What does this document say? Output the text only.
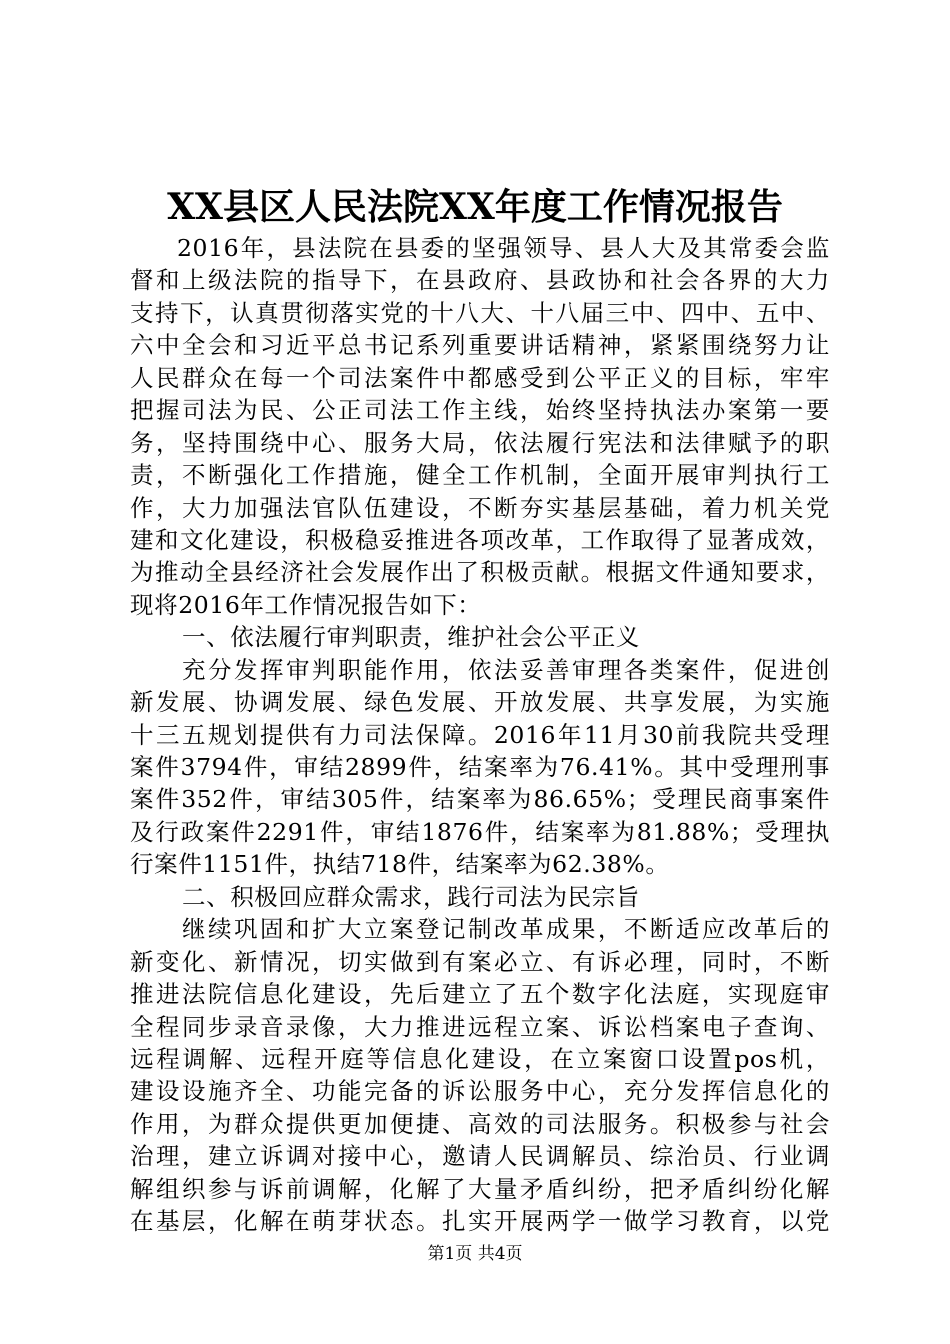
XX县区人民法院XX年度工作情况报告
2016年，县法院在县委的坚强领导、县人大及其常委会监
督和上级法院的指导下，在县政府、县政协和社会各界的大力
支持下，认真贯彻落实党的十八大、十八届三中、四中、五中、
六中全会和习近平总书记系列重要讲话精神，紧紧围绕努力让
人民群众在每一个司法案件中都感受到公平正义的目标，牢牢
把握司法为民、公正司法工作主线，始终坚持执法办案第一要
务，坚持围绕中心、服务大局，依法履行宪法和法律赋予的职
责，不断强化工作措施，健全工作机制，全面开展审判执行工
作，大力加强法官队伍建设，不断夯实基层基础，着力机关党
建和文化建设，积极稳妥推进各项改革，工作取得了显著成效，
为推动全县经济社会发展作出了积极贡献。根据文件通知要求，
现将2016年工作情况报告如下：
一、依法履行审判职责，维护社会公平正义
充分发挥审判职能作用，依法妥善审理各类案件，促进创
新发展、协调发展、绿色发展、开放发展、共享发展，为实施
十三五规划提供有力司法保障。2016年11月30前我院共受理
案件3794件，审结2899件，结案率为76.41%。其中受理刑事
案件352件，审结305件，结案率为86.65%；受理民商事案件
及行政案件2291件，审结1876件，结案率为81.88%；受理执
行案件1151件，执结718件，结案率为62.38%。
二、积极回应群众需求，践行司法为民宗旨
继续巩固和扩大立案登记制改革成果，不断适应改革后的
新变化、新情况，切实做到有案必立、有诉必理，同时，不断
推进法院信息化建设，先后建立了五个数字化法庭，实现庭审
全程同步录音录像，大力推进远程立案、诉讼档案电子查询、
远程调解、远程开庭等信息化建设，在立案窗口设置pos机，
建设设施齐全、功能完备的诉讼服务中心，充分发挥信息化的
作用，为群众提供更加便捷、高效的司法服务。积极参与社会
治理，建立诉调对接中心，邀请人民调解员、综治员、行业调
解组织参与诉前调解，化解了大量矛盾纠纷，把矛盾纠纷化解
在基层，化解在萌芽状态。扎实开展两学一做学习教育，以党
第1页 共4页
